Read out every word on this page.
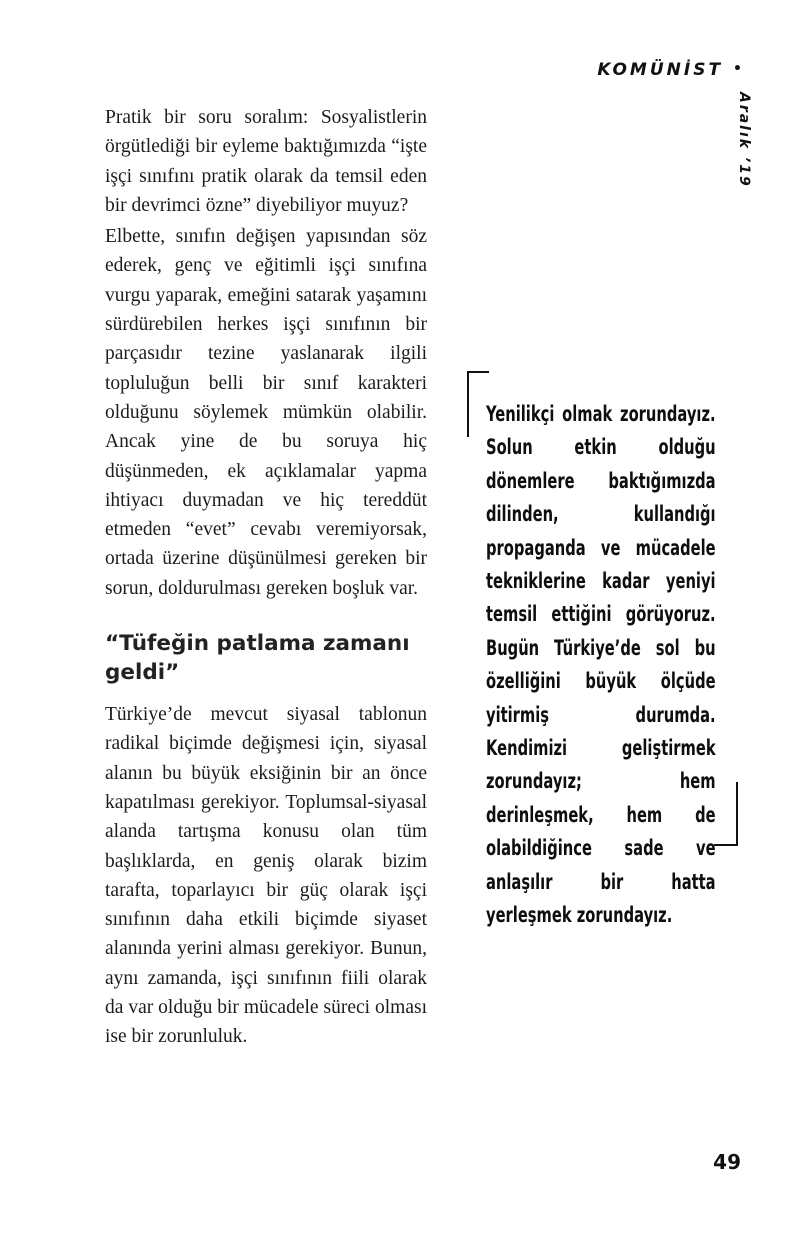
KOMÜNİST •
Aralık ’19

Pratik bir soru soralım: Sosyalistlerin örgütlediği bir eyleme baktığımızda “işte işçi sınıfını pratik olarak da temsil eden bir devrimci özne” diyebiliyor muyuz?

Elbette, sınıfın değişen yapısından söz ederek, genç ve eğitimli işçi sınıfına vurgu yaparak, emeğini satarak yaşamını sürdürebilen herkes işçi sınıfının bir parçasıdır tezine yaslanarak ilgili topluluğun belli bir sınıf karakteri olduğunu söylemek mümkün olabilir. Ancak yine de bu soruya hiç düşünmeden, ek açıklamalar yapma ihtiyacı duymadan ve hiç tereddüt etmeden “evet” cevabı veremiyorsak, ortada üzerine düşünülmesi gereken bir sorun, doldurulması gereken boşluk var.

“Tüfeğin patlama zamanı geldi”

Türkiye’de mevcut siyasal tablonun radikal biçimde değişmesi için, siyasal alanın bu büyük eksiğinin bir an önce kapatılması gerekiyor. Toplumsal-siyasal alanda tartışma konusu olan tüm başlıklarda, en geniş olarak bizim tarafta, toparlayıcı bir güç olarak işçi sınıfının daha etkili biçimde siyaset alanında yerini alması gerekiyor. Bunun, aynı zamanda, işçi sınıfının fiili olarak da var olduğu bir mücadele süreci olması ise bir zorunluluk.

Yenilikçi olmak zorundayız. Solun etkin olduğu dönemlere baktığımızda dilinden, kullandığı propaganda ve mücadele tekniklerine kadar yeniyi temsil ettiğini görüyoruz. Bugün Türkiye’de sol bu özelliğini büyük ölçüde yitirmiş durumda. Kendimizi geliştirmek zorundayız; hem derinleşmek, hem de olabildiğince sade ve anlaşılır bir hatta yerleşmek zorundayız.
49
